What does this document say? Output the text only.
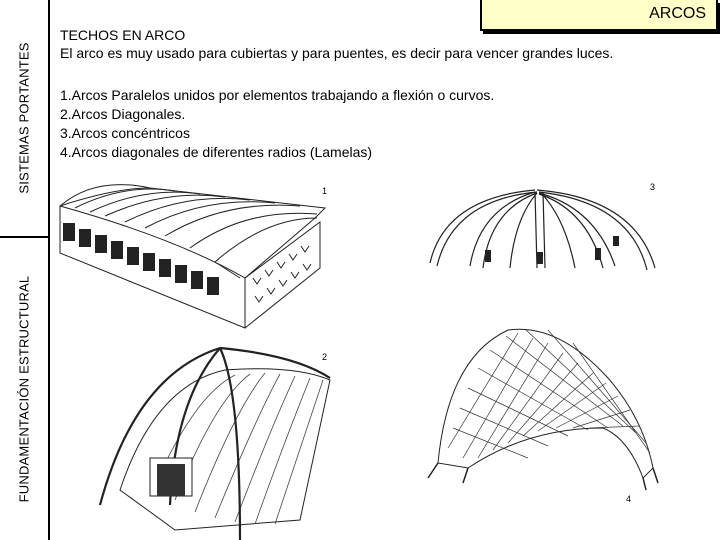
SISTEMAS PORTANTES
FUNDAMENTACIÓN ESTRUCTURAL
ARCOS
TECHOS EN ARCO
El arco es muy usado para cubiertas y para puentes, es decir para vencer grandes luces.
1.Arcos Paralelos unidos por elementos trabajando a flexión o curvos.
2.Arcos Diagonales.
3.Arcos concéntricos
4.Arcos diagonales de diferentes radios (Lamelas)
1	3
2
4
